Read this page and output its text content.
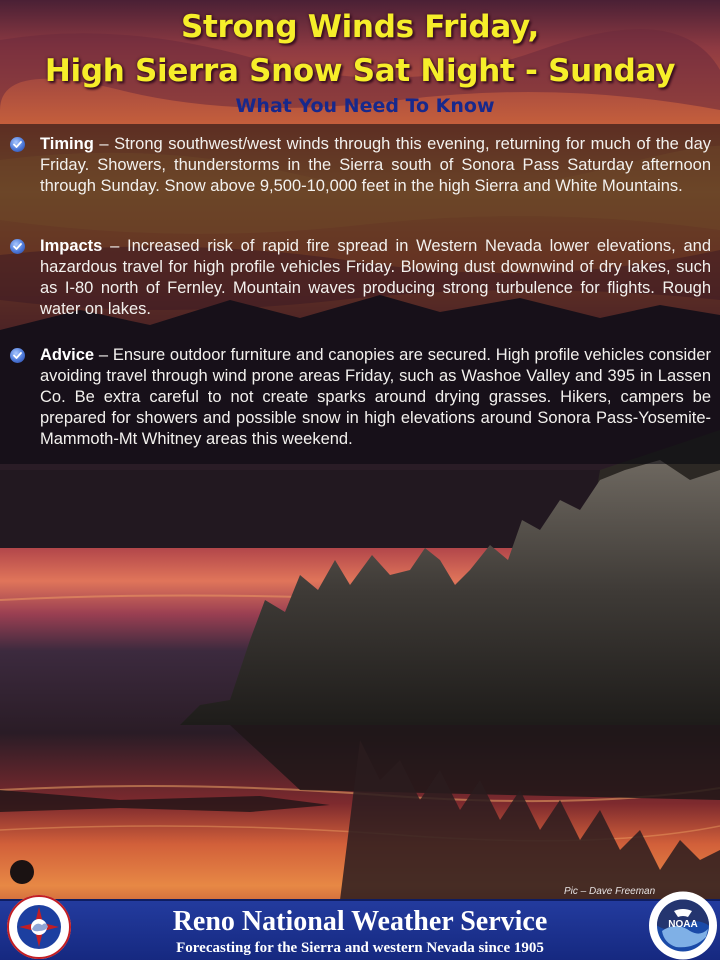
Strong Winds Friday,
High Sierra Snow Sat Night - Sunday
What You Need To Know
Timing – Strong southwest/west winds through this evening, returning for much of the day Friday. Showers, thunderstorms in the Sierra south of Sonora Pass Saturday afternoon through Sunday. Snow above 9,500-10,000 feet in the high Sierra and White Mountains.
Impacts – Increased risk of rapid fire spread in Western Nevada lower elevations, and hazardous travel for high profile vehicles Friday. Blowing dust downwind of dry lakes, such as I-80 north of Fernley. Mountain waves producing strong turbulence for flights. Rough water on lakes.
Advice – Ensure outdoor furniture and canopies are secured. High profile vehicles consider avoiding travel through wind prone areas Friday, such as Washoe Valley and 395 in Lassen Co. Be extra careful to not create sparks around drying grasses. Hikers, campers be prepared for showers and possible snow in high elevations around Sonora Pass-Yosemite-Mammoth-Mt Whitney areas this weekend.
Pic – Dave Freeman
Reno National Weather Service
Forecasting for the Sierra and western Nevada since 1905
NOAA
